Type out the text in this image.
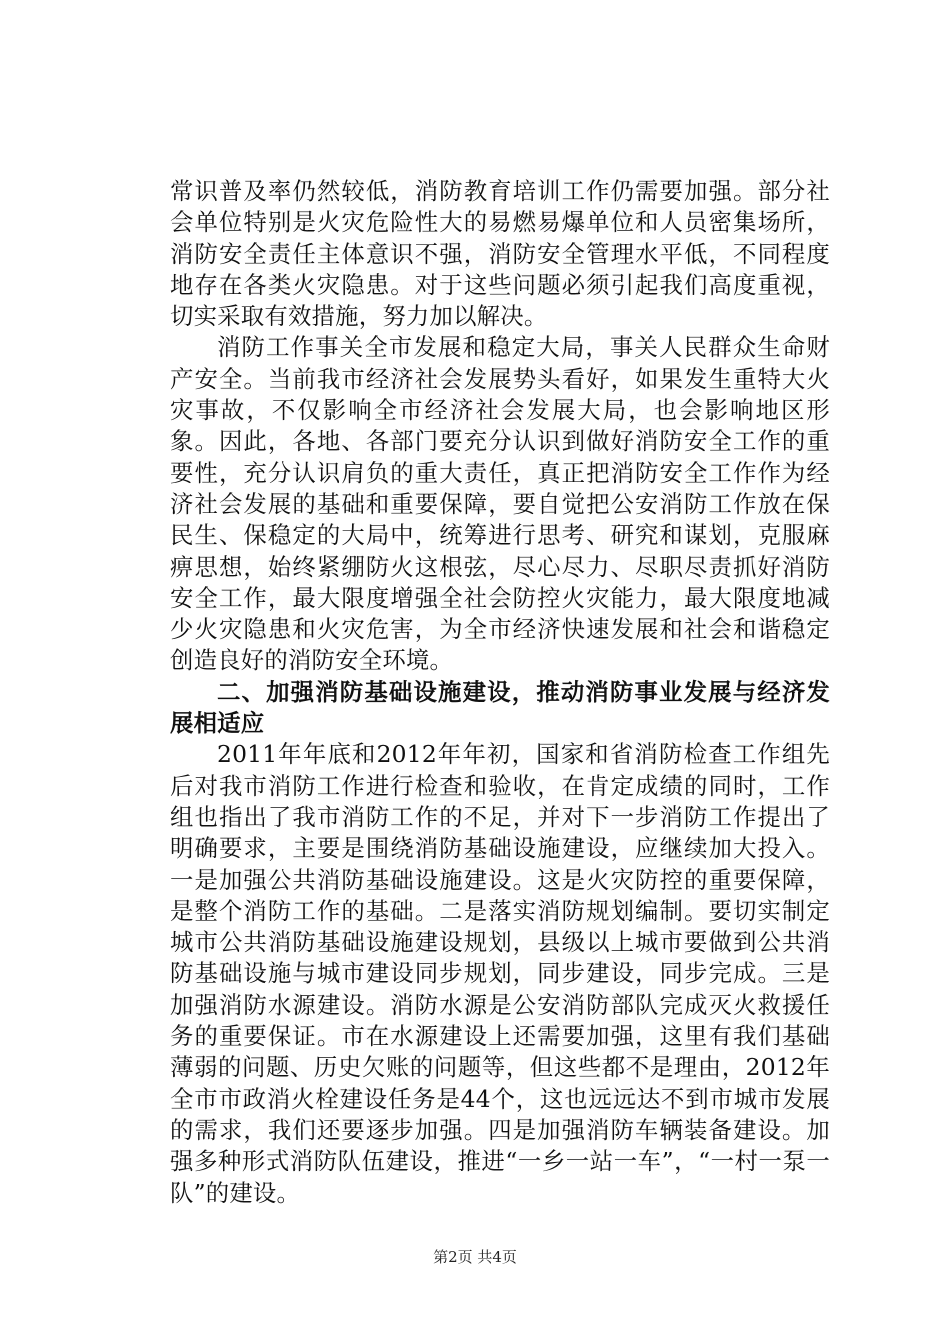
常识普及率仍然较低，消防教育培训工作仍需要加强。部分社会单位特别是火灾危险性大的易燃易爆单位和人员密集场所，消防安全责任主体意识不强，消防安全管理水平低，不同程度地存在各类火灾隐患。对于这些问题必须引起我们高度重视，切实采取有效措施，努力加以解决。

消防工作事关全市发展和稳定大局，事关人民群众生命财产安全。当前我市经济社会发展势头看好，如果发生重特大火灾事故，不仅影响全市经济社会发展大局，也会影响地区形象。因此，各地、各部门要充分认识到做好消防安全工作的重要性，充分认识肩负的重大责任，真正把消防安全工作作为经济社会发展的基础和重要保障，要自觉把公安消防工作放在保民生、保稳定的大局中，统筹进行思考、研究和谋划，克服麻痹思想，始终紧绷防火这根弦，尽心尽力、尽职尽责抓好消防安全工作，最大限度增强全社会防控火灾能力，最大限度地减少火灾隐患和火灾危害，为全市经济快速发展和社会和谐稳定创造良好的消防安全环境。

二、加强消防基础设施建设，推动消防事业发展与经济发展相适应

2011年年底和2012年年初，国家和省消防检查工作组先后对我市消防工作进行检查和验收，在肯定成绩的同时，工作组也指出了我市消防工作的不足，并对下一步消防工作提出了明确要求，主要是围绕消防基础设施建设，应继续加大投入。一是加强公共消防基础设施建设。这是火灾防控的重要保障，是整个消防工作的基础。二是落实消防规划编制。要切实制定城市公共消防基础设施建设规划，县级以上城市要做到公共消防基础设施与城市建设同步规划，同步建设，同步完成。三是加强消防水源建设。消防水源是公安消防部队完成灭火救援任务的重要保证。市在水源建设上还需要加强，这里有我们基础薄弱的问题、历史欠账的问题等，但这些都不是理由，2012年全市市政消火栓建设任务是44个，这也远远达不到市城市发展的需求，我们还要逐步加强。四是加强消防车辆装备建设。加强多种形式消防队伍建设，推进“一乡一站一车”，“一村一泵一队”的建设。

第2页 共4页
